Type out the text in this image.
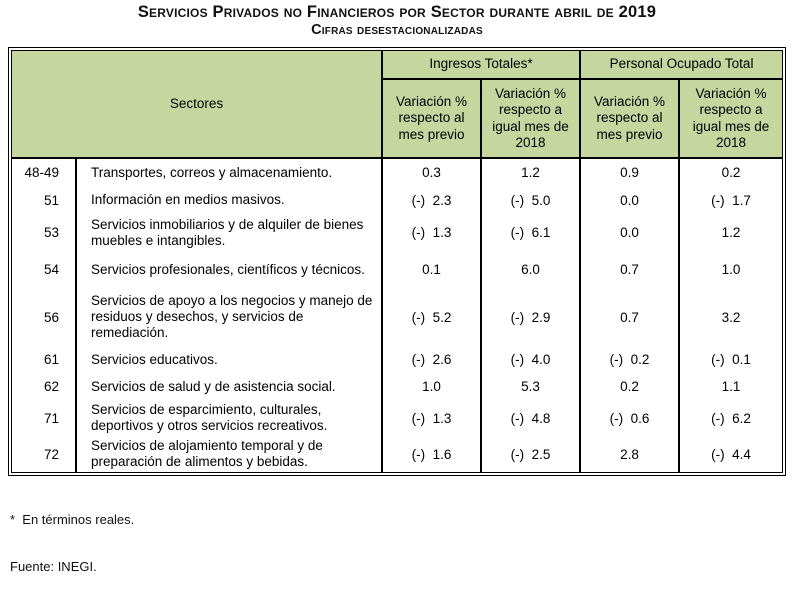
Servicios Privados no Financieros por Sector durante abril de 2019
Cifras desestacionalizadas
Sectores		Ingresos Totales*		Personal Ocupado Total	
		Variación % respecto al mes previo	Variación % respecto a igual mes de 2018	Variación % respecto al mes previo	Variación % respecto a igual mes de 2018
48-49	Transportes, correos y almacenamiento.	0.3	1.2	0.9	0.2
51	Información en medios masivos.	(-)  2.3	(-)  5.0	0.0	(-)  1.7
53	Servicios inmobiliarios y de alquiler de bienes muebles e intangibles.	(-)  1.3	(-)  6.1	0.0	1.2
54	Servicios profesionales, científicos y técnicos.	0.1	6.0	0.7	1.0
56	Servicios de apoyo a los negocios y manejo de residuos y desechos, y servicios de remediación.	(-)  5.2	(-)  2.9	0.7	3.2
61	Servicios educativos.	(-)  2.6	(-)  4.0	(-)  0.2	(-)  0.1
62	Servicios de salud y de asistencia social.	1.0	5.3	0.2	1.1
71	Servicios de esparcimiento, culturales, deportivos y otros servicios recreativos.	(-)  1.3	(-)  4.8	(-)  0.6	(-)  6.2
72	Servicios de alojamiento temporal y de preparación de alimentos y bebidas.	(-)  1.6	(-)  2.5	2.8	(-)  4.4

*  En términos reales.

Fuente: INEGI.
